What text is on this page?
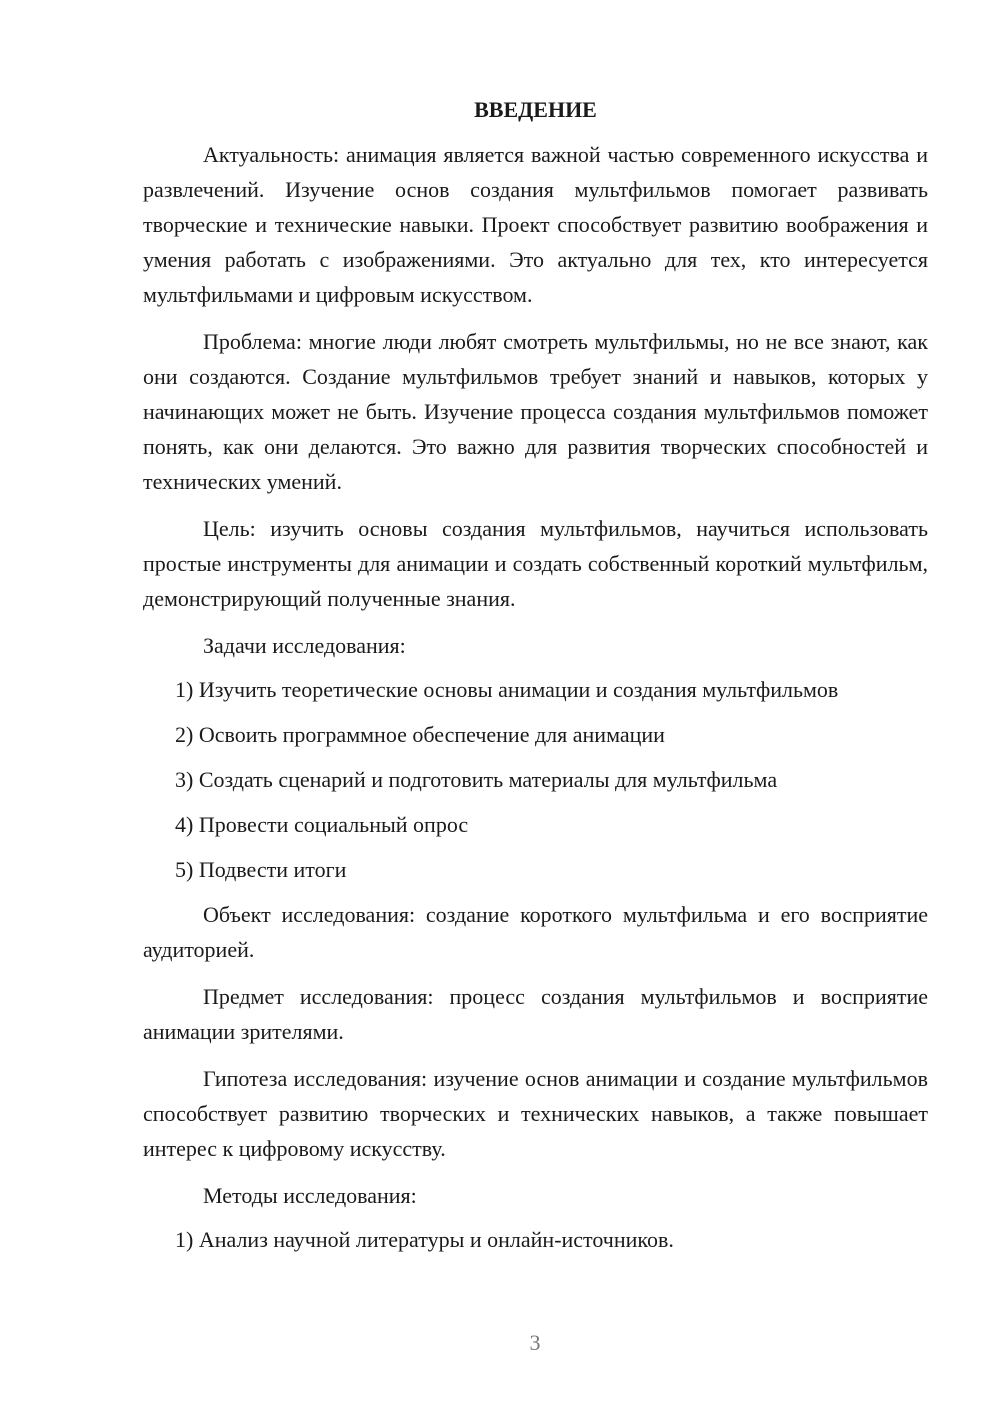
ВВЕДЕНИЕ

Актуальность: анимация является важной частью современного искусства и развлечений. Изучение основ создания мультфильмов помогает развивать творческие и технические навыки. Проект способствует развитию воображения и умения работать с изображениями. Это актуально для тех, кто интересуется мультфильмами и цифровым искусством.

Проблема: многие люди любят смотреть мультфильмы, но не все знают, как они создаются. Создание мультфильмов требует знаний и навыков, которых у начинающих может не быть. Изучение процесса создания мультфильмов поможет понять, как они делаются. Это важно для развития творческих способностей и технических умений.

Цель: изучить основы создания мультфильмов, научиться использовать простые инструменты для анимации и создать собственный короткий мультфильм, демонстрирующий полученные знания.

Задачи исследования:

1) Изучить теоретические основы анимации и создания мультфильмов
2) Освоить программное обеспечение для анимации
3) Создать сценарий и подготовить материалы для мультфильма
4) Провести социальный опрос
5) Подвести итоги

Объект исследования: создание короткого мультфильма и его восприятие аудиторией.

Предмет исследования: процесс создания мультфильмов и восприятие анимации зрителями.

Гипотеза исследования: изучение основ анимации и создание мультфильмов способствует развитию творческих и технических навыков, а также повышает интерес к цифровому искусству.

Методы исследования:

1) Анализ научной литературы и онлайн-источников.
3
